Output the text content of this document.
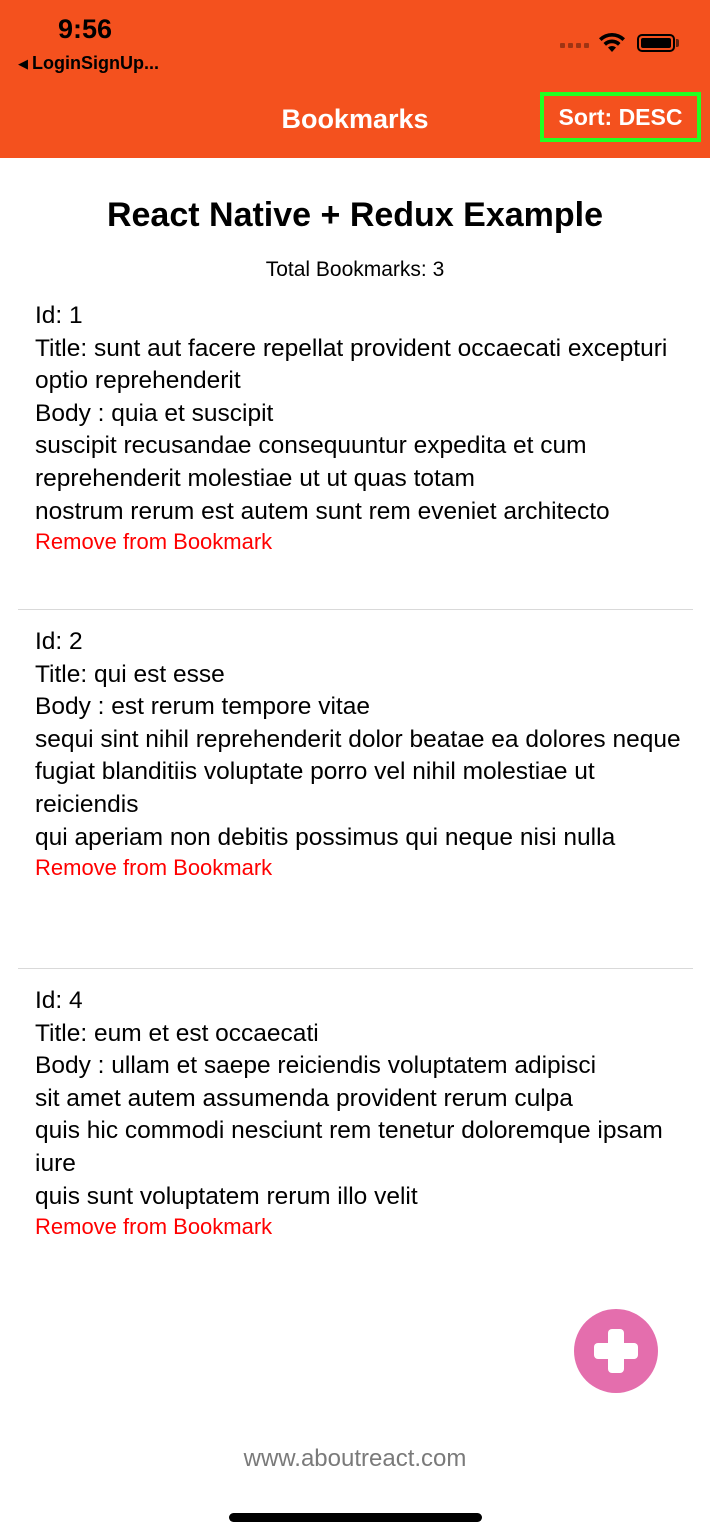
9:56
◀ LoginSignUp...
Bookmarks	Sort: DESC
React Native + Redux Example
Total Bookmarks: 3
Id: 1
Title: sunt aut facere repellat provident occaecati excepturi optio reprehenderit
Body : quia et suscipit
suscipit recusandae consequuntur expedita et cum reprehenderit molestiae ut ut quas totam
nostrum rerum est autem sunt rem eveniet architecto
Remove from Bookmark
Id: 2
Title: qui est esse
Body : est rerum tempore vitae
sequi sint nihil reprehenderit dolor beatae ea dolores neque
fugiat blanditiis voluptate porro vel nihil molestiae ut reiciendis
qui aperiam non debitis possimus qui neque nisi nulla
Remove from Bookmark
Id: 4
Title: eum et est occaecati
Body : ullam et saepe reiciendis voluptatem adipisci
sit amet autem assumenda provident rerum culpa
quis hic commodi nesciunt rem tenetur doloremque ipsam iure
quis sunt voluptatem rerum illo velit
Remove from Bookmark
www.aboutreact.com
